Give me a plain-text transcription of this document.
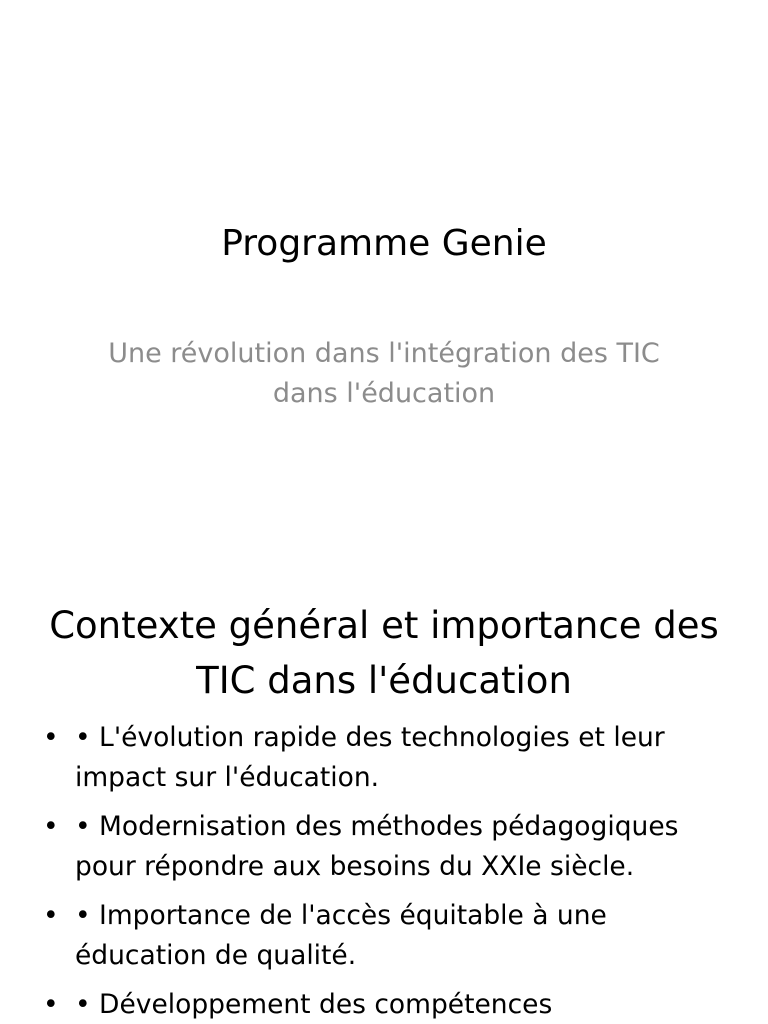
Programme Genie

Une révolution dans l'intégration des TIC dans l'éducation

Contexte général et importance des TIC dans l'éducation
• • L'évolution rapide des technologies et leur impact sur l'éducation.
• • Modernisation des méthodes pédagogiques pour répondre aux besoins du XXIe siècle.
• • Importance de l'accès équitable à une éducation de qualité.
• • Développement des compétences
